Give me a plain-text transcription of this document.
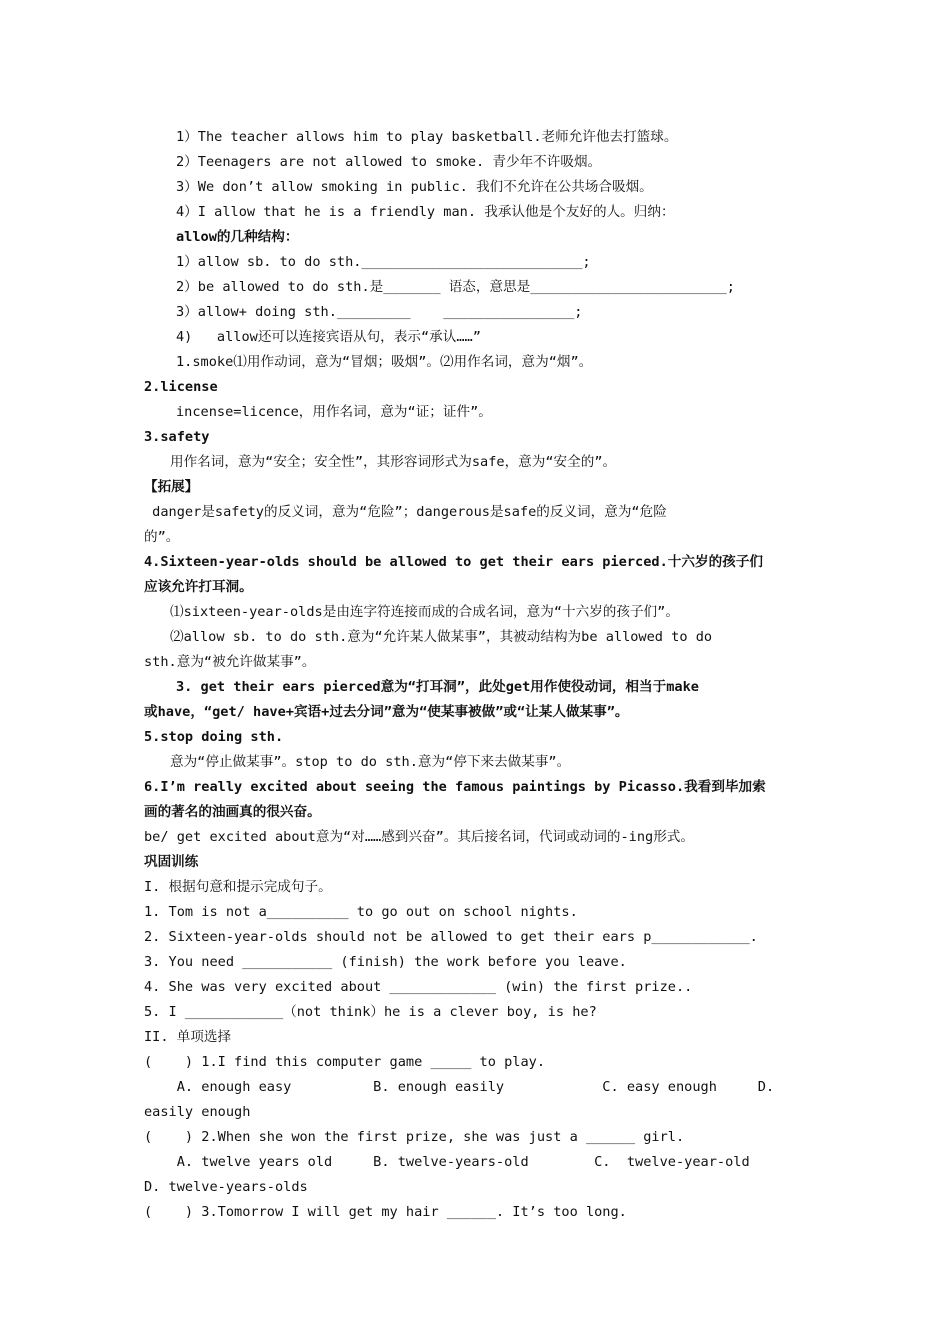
1）The teacher allows him to play basketball.老师允许他去打篮球。
2）Teenagers are not allowed to smoke. 青少年不许吸烟。
3）We don’t allow smoking in public. 我们不允许在公共场合吸烟。
4）I allow that he is a friendly man. 我承认他是个友好的人。归纳：
allow的几种结构：
1）allow sb. to do sth.___________________________;
2）be allowed to do sth.是_______ 语态，意思是________________________;
3）allow+ doing sth._________    ________________;
4)   allow还可以连接宾语从句，表示“承认……”
1.smoke⑴用作动词，意为“冒烟；吸烟”。⑵用作名词，意为“烟”。
2.license
incense=licence，用作名词，意为“证；证件”。
3.safety
用作名词，意为“安全；安全性”，其形容词形式为safe，意为“安全的”。
【拓展】
danger是safety的反义词，意为“危险”；dangerous是safe的反义词，意为“危险
的”。
4.Sixteen-year-olds should be allowed to get their ears pierced.十六岁的孩子们
应该允许打耳洞。
⑴sixteen-year-olds是由连字符连接而成的合成名词，意为“十六岁的孩子们”。
⑵allow sb. to do sth.意为“允许某人做某事”，其被动结构为be allowed to do
sth.意为“被允许做某事”。
3. get their ears pierced意为“打耳洞”，此处get用作使役动词，相当于make
或have，“get/ have+宾语+过去分词”意为“使某事被做”或“让某人做某事”。
5.stop doing sth.
意为“停止做某事”。stop to do sth.意为“停下来去做某事”。
6.I’m really excited about seeing the famous paintings by Picasso.我看到毕加索
画的著名的油画真的很兴奋。
be/ get excited about意为“对……感到兴奋”。其后接名词，代词或动词的-ing形式。
巩固训练
I. 根据句意和提示完成句子。
1. Tom is not a__________ to go out on school nights.
2. Sixteen-year-olds should not be allowed to get their ears p____________.
3. You need ___________ (finish) the work before you leave.
4. She was very excited about _____________ (win) the first prize..
5. I ____________（not think）he is a clever boy, is he?
II. 单项选择
(    ) 1.I find this computer game _____ to play.
A. enough easy          B. enough easily            C. easy enough     D.
easily enough
(    ) 2.When she won the first prize, she was just a ______ girl.
A. twelve years old     B. twelve-years-old        C.  twelve-year-old
D. twelve-years-olds
(    ) 3.Tomorrow I will get my hair ______. It’s too long.
